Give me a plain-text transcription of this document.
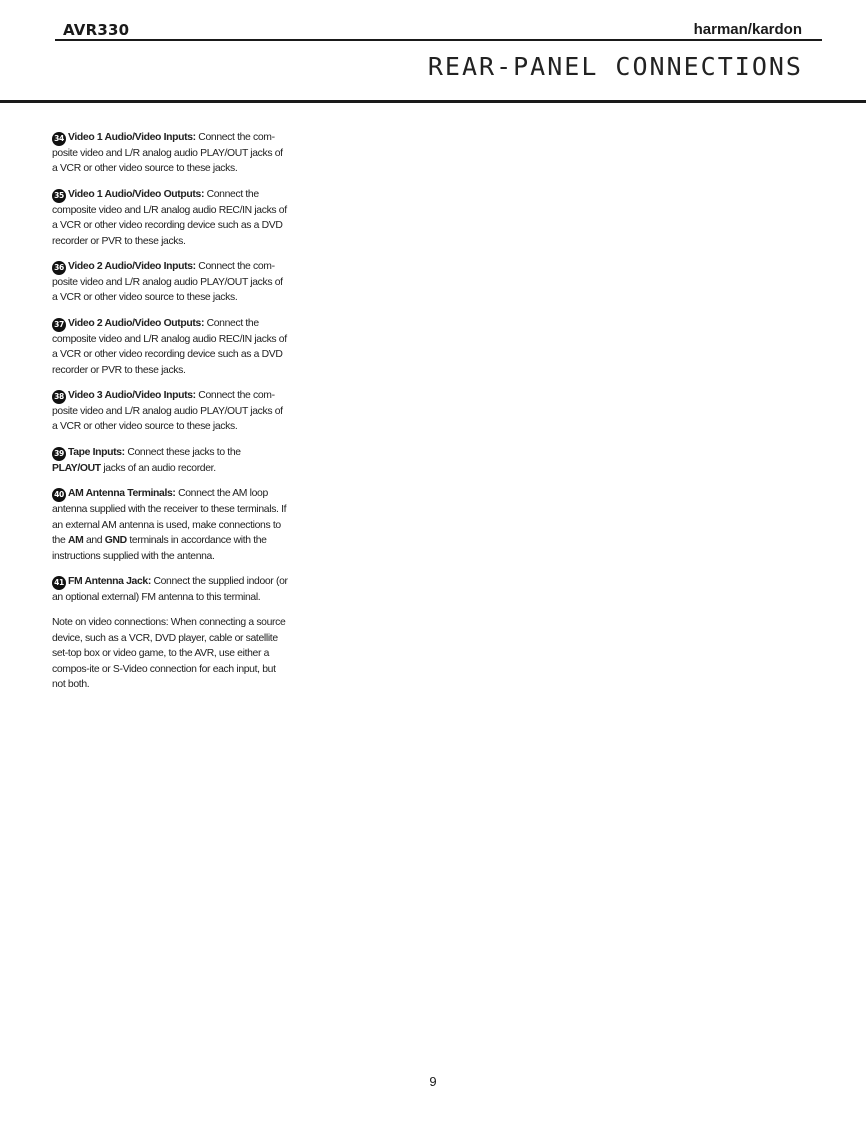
AVR330	harman/kardon
REAR-PANEL CONNECTIONS

34 Video 1 Audio/Video Inputs: Connect the com-posite video and L/R analog audio PLAY/OUT jacks of a VCR or other video source to these jacks.

35 Video 1 Audio/Video Outputs: Connect the composite video and L/R analog audio REC/IN jacks of a VCR or other video recording device such as a DVD recorder or PVR to these jacks.

36 Video 2 Audio/Video Inputs: Connect the com-posite video and L/R analog audio PLAY/OUT jacks of a VCR or other video source to these jacks.

37 Video 2 Audio/Video Outputs: Connect the composite video and L/R analog audio REC/IN jacks of a VCR or other video recording device such as a DVD recorder or PVR to these jacks.

38 Video 3 Audio/Video Inputs: Connect the com-posite video and L/R analog audio PLAY/OUT jacks of a VCR or other video source to these jacks.

39 Tape Inputs: Connect these jacks to the PLAY/OUT jacks of an audio recorder.

40 AM Antenna Terminals: Connect the AM loop antenna supplied with the receiver to these terminals. If an external AM antenna is used, make connections to the AM and GND terminals in accordance with the instructions supplied with the antenna.

41 FM Antenna Jack: Connect the supplied indoor (or an optional external) FM antenna to this terminal.

Note on video connections: When connecting a source device, such as a VCR, DVD player, cable or satellite set-top box or video game, to the AVR, use either a compos-ite or S-Video connection for each input, but not both.

9
